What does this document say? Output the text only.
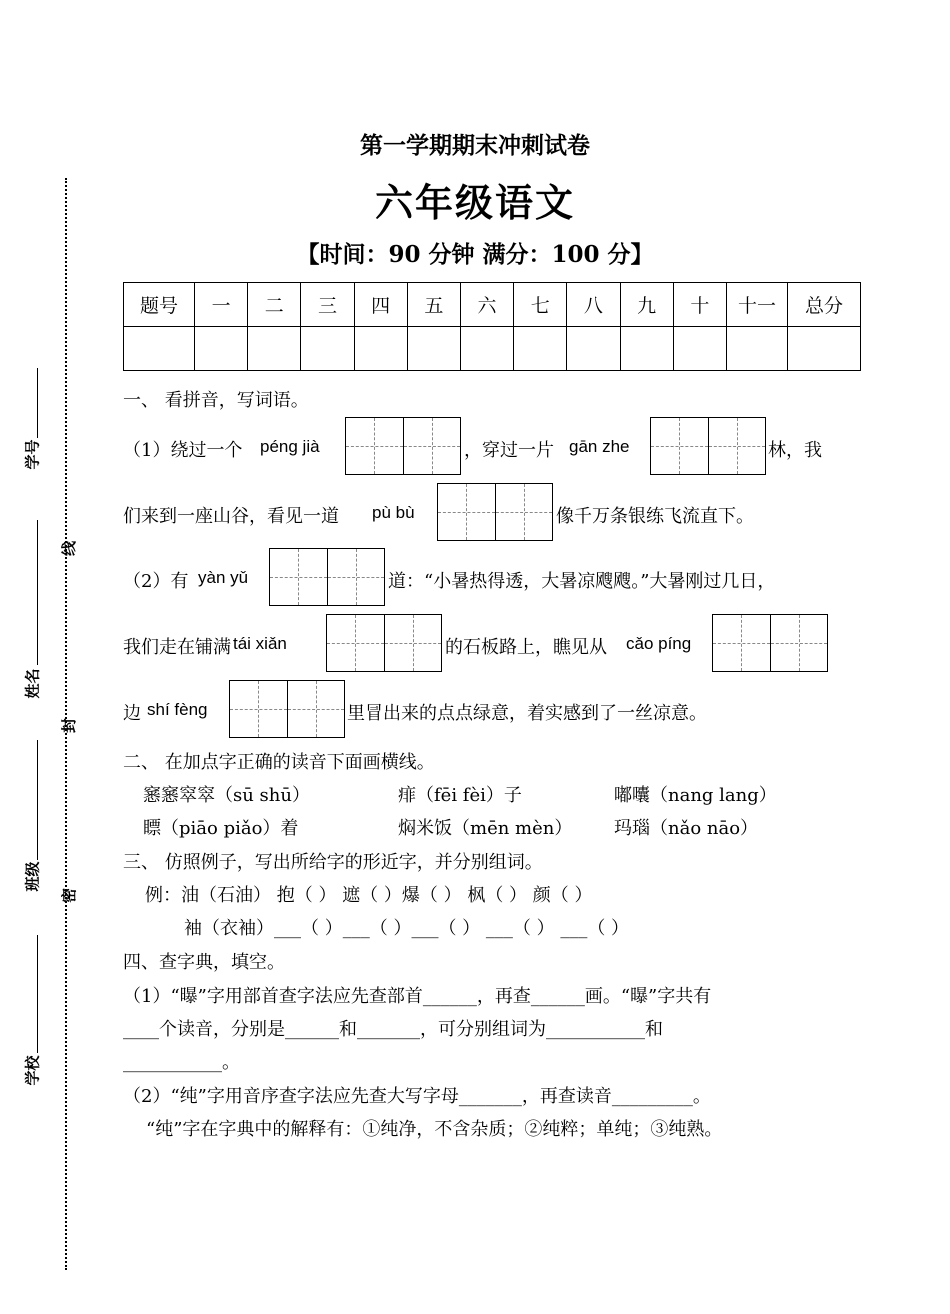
学号
姓名
班级
学校
线
封
密
第一学期期末冲刺试卷
六年级语文
【时间：90 分钟 满分：100 分】
题号	一	二	三	四	五	六	七	八	九	十	十一	总分

一、 看拼音，写词语。
（1）绕过一个 péng jià	，穿过一片 gān zhe	林，我
们来到一座山谷，看见一道 pù bù	像千万条银练飞流直下。
（2）有 yàn yǔ	道：“小暑热得透，大暑凉飕飕。”大暑刚过几日，
我们走在铺满 tái xiǎn	的石板路上，瞧见从 cǎo píng
边 shí fèng	里冒出来的点点绿意，着实感到了一丝凉意。
二、 在加点字正确的读音下面画横线。
窸窸窣窣（sū shū）	痱（fēi fèi）子	嘟囔（nang lang）
瞟（piāo piǎo）着	焖米饭（mēn mèn） 玛瑙（nǎo nāo）
三、 仿照例子，写出所给字的形近字，并分别组词。
例：油（石油） 抱（ ） 遮（ ）爆（ ） 枫（ ） 颜（ ）
袖（衣袖）___（ ）___（ ）___（ ） ___（ ） ___（ ）
四、查字典，填空。
（1）“曝”字用部首查字法应先查部首______，再查______画。“曝”字共有
____个读音，分别是______和_______，可分别组词为___________和
___________。
（2）“纯”字用音序查字法应先查大写字母_______，再查读音_________。
“纯”字在字典中的解释有：①纯净，不含杂质；②纯粹；单纯；③纯熟。
